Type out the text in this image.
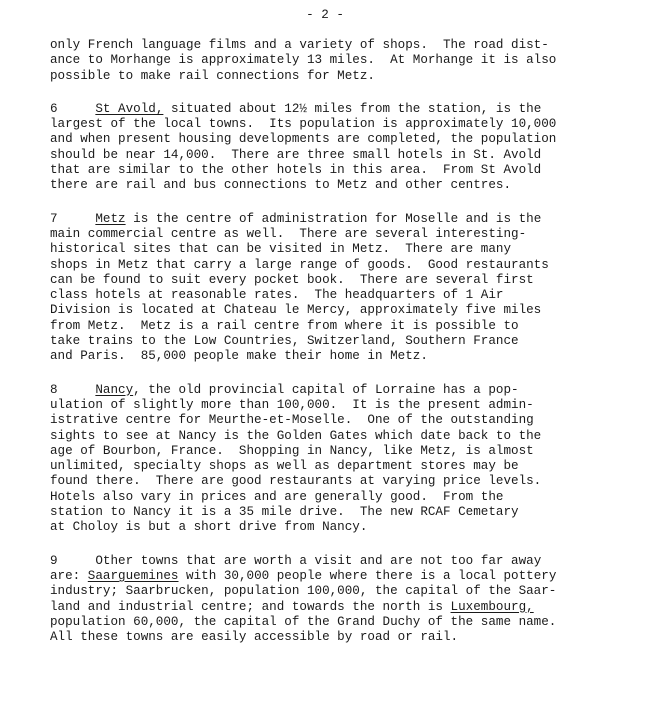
- 2 -
only French language films and a variety of shops.  The road dist-
ance to Morhange is approximately 13 miles.  At Morhange it is also
possible to make rail connections for Metz.
6	St Avold, situated about 12½ miles from the station, is the
largest of the local towns.  Its population is approximately 10,000
and when present housing developments are completed, the population
should be near 14,000.  There are three small hotels in St. Avold
that are similar to the other hotels in this area.  From St Avold
there are rail and bus connections to Metz and other centres.
7	Metz is the centre of administration for Moselle and is the
main commercial centre as well.  There are several interesting-
historical sites that can be visited in Metz.  There are many
shops in Metz that carry a large range of goods.  Good restaurants
can be found to suit every pocket book.  There are several first
class hotels at reasonable rates.  The headquarters of 1 Air
Division is located at Chateau le Mercy, approximately five miles
from Metz.  Metz is a rail centre from where it is possible to
take trains to the Low Countries, Switzerland, Southern France
and Paris.  85,000 people make their home in Metz.
8	Nancy, the old provincial capital of Lorraine has a pop-
ulation of slightly more than 100,000.  It is the present admin-
istrative centre for Meurthe-et-Moselle.  One of the outstanding
sights to see at Nancy is the Golden Gates which date back to the
age of Bourbon, France.  Shopping in Nancy, like Metz, is almost
unlimited, specialty shops as well as department stores may be
found there.  There are good restaurants at varying price levels.
Hotels also vary in prices and are generally good.  From the
station to Nancy it is a 35 mile drive.  The new RCAF Cemetary
at Choloy is but a short drive from Nancy.
9	Other towns that are worth a visit and are not too far away
are: Saarguemines with 30,000 people where there is a local pottery
industry; Saarbrucken, population 100,000, the capital of the Saar-
land and industrial centre; and towards the north is Luxembourg,
population 60,000, the capital of the Grand Duchy of the same name.
All these towns are easily accessible by road or rail.
